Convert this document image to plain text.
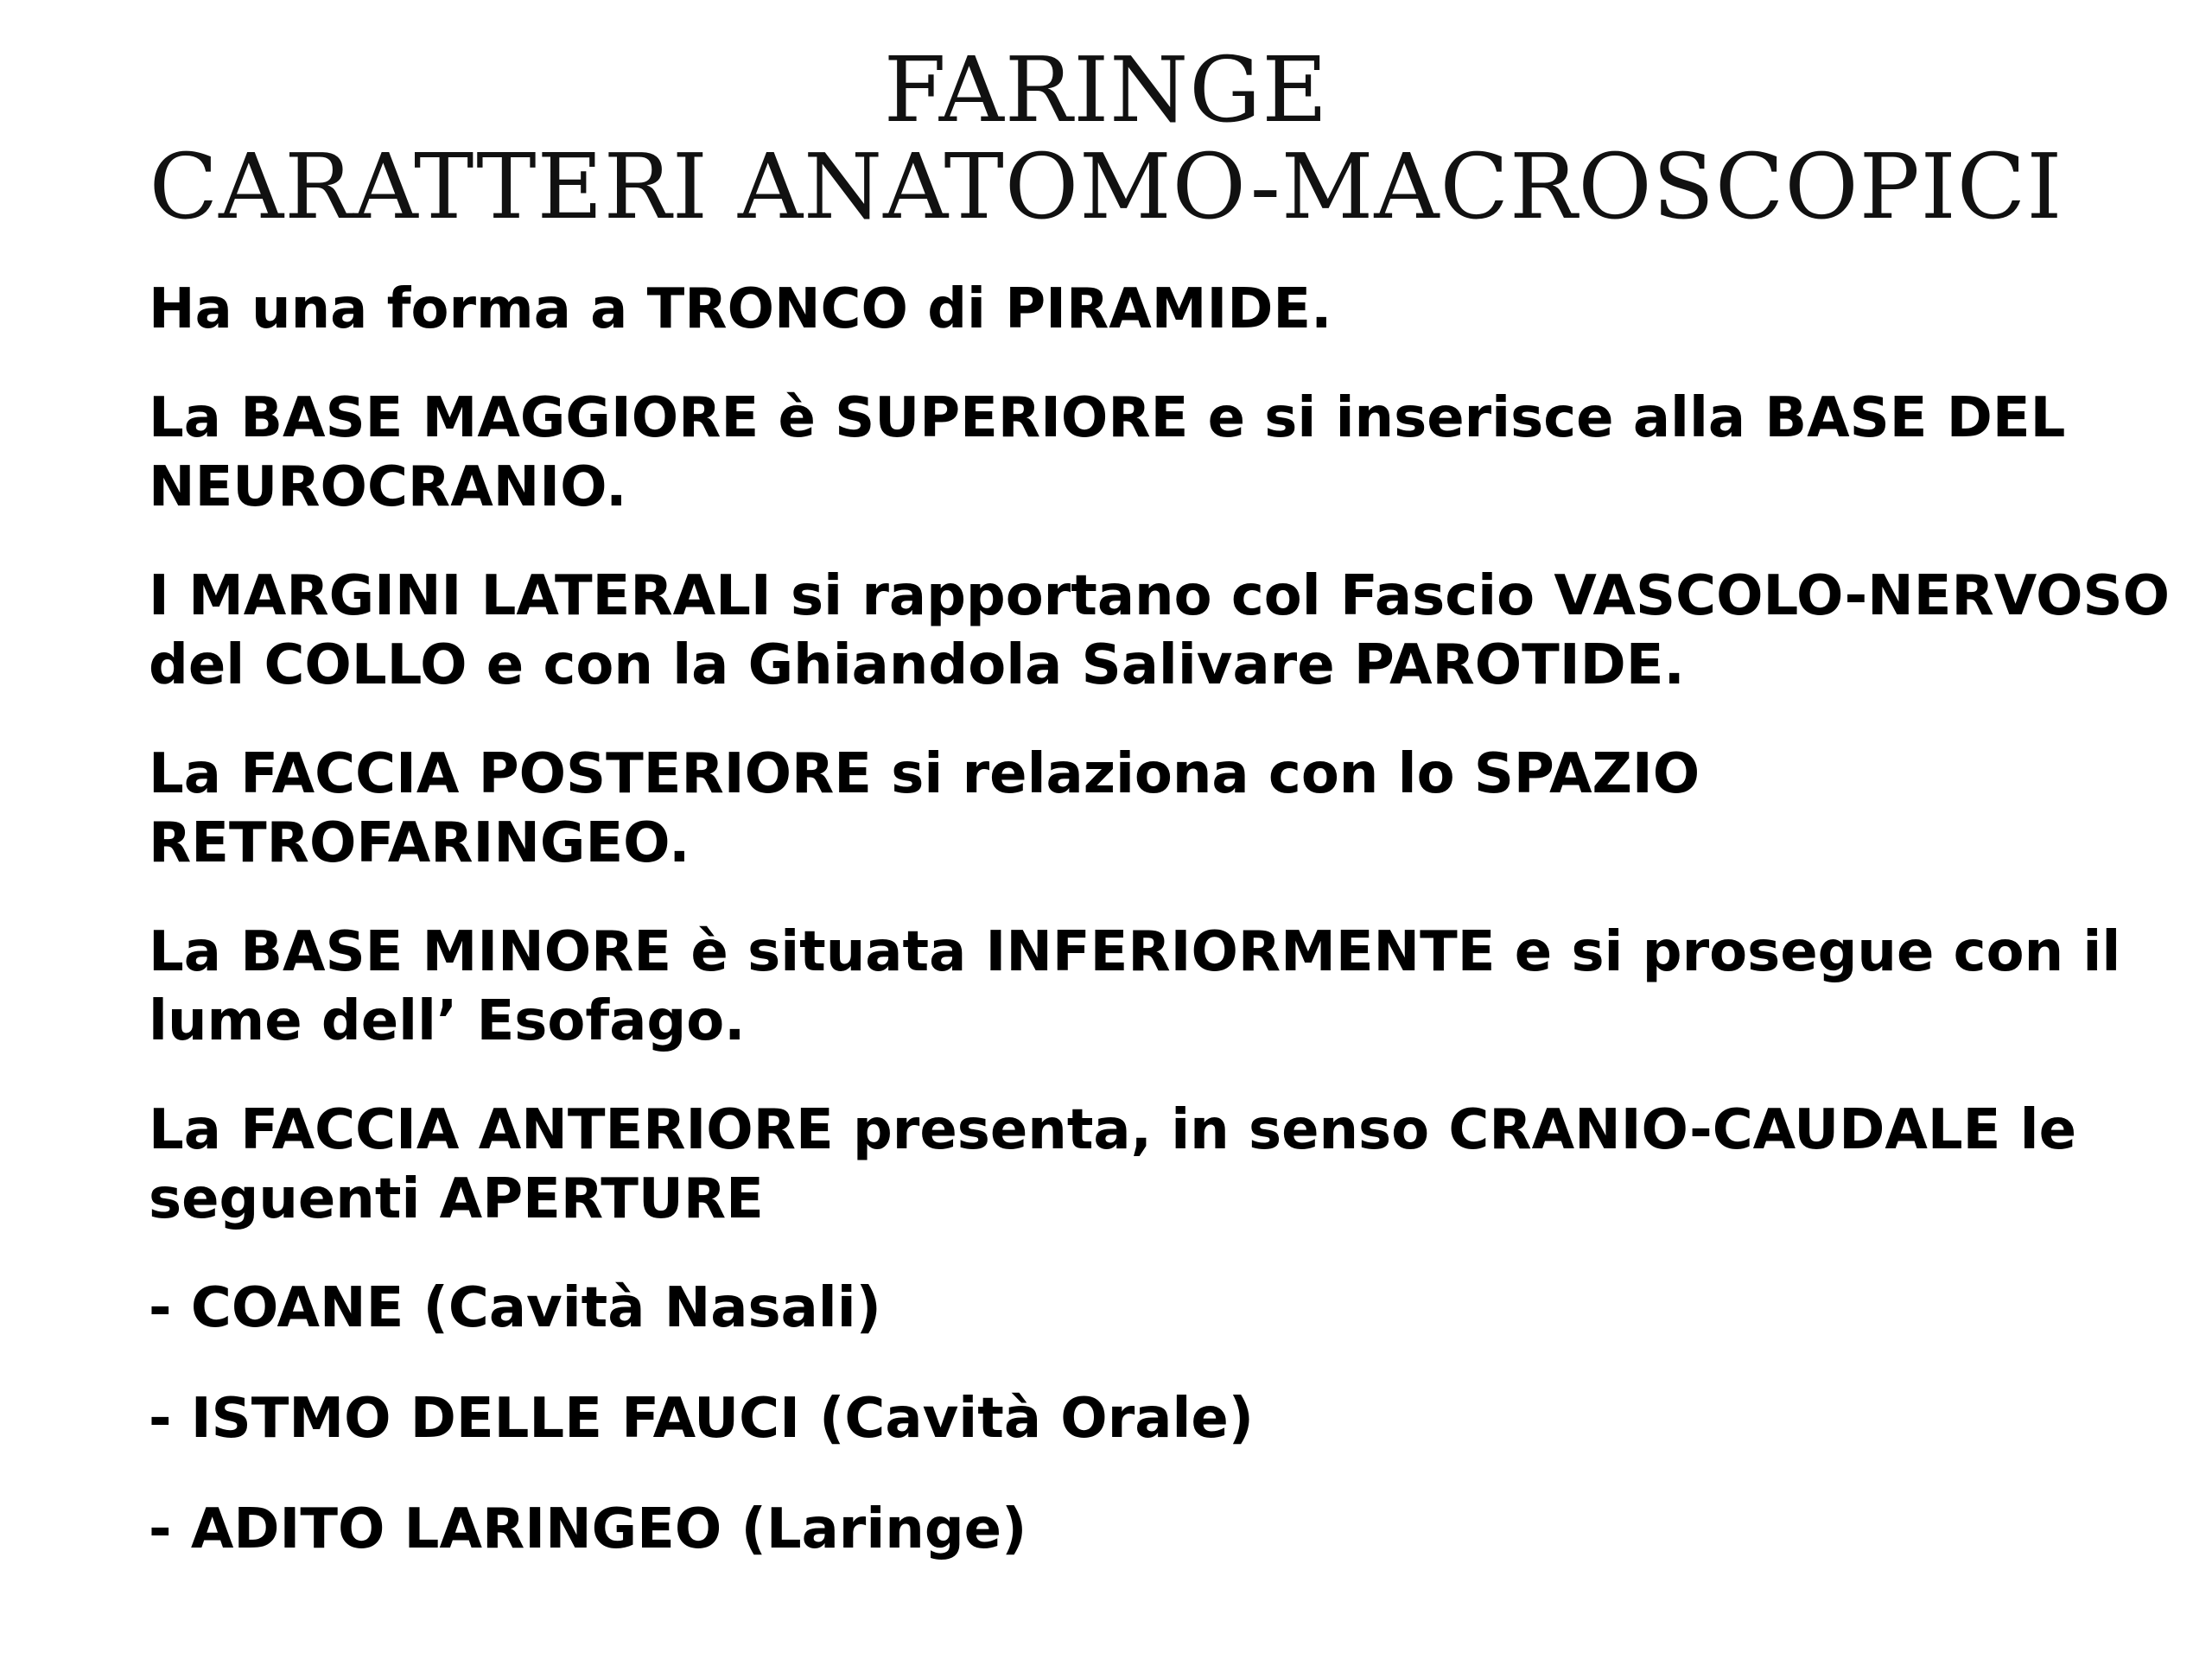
FARINGE
CARATTERI ANATOMO-MACROSCOPICI

Ha una forma a TRONCO di PIRAMIDE.

La BASE MAGGIORE è SUPERIORE e si inserisce alla BASE DEL NEUROCRANIO.

I MARGINI LATERALI si rapportano col Fascio VASCOLO-NERVOSO del COLLO e con la Ghiandola Salivare PAROTIDE.

La FACCIA POSTERIORE si relaziona con lo SPAZIO RETROFARINGEO.

La BASE MINORE è situata INFERIORMENTE e si prosegue con il lume dell’ Esofago.

La FACCIA ANTERIORE presenta, in senso CRANIO-CAUDALE le seguenti APERTURE

- COANE (Cavità Nasali)
- ISTMO DELLE FAUCI (Cavità Orale)
- ADITO LARINGEO (Laringe)
